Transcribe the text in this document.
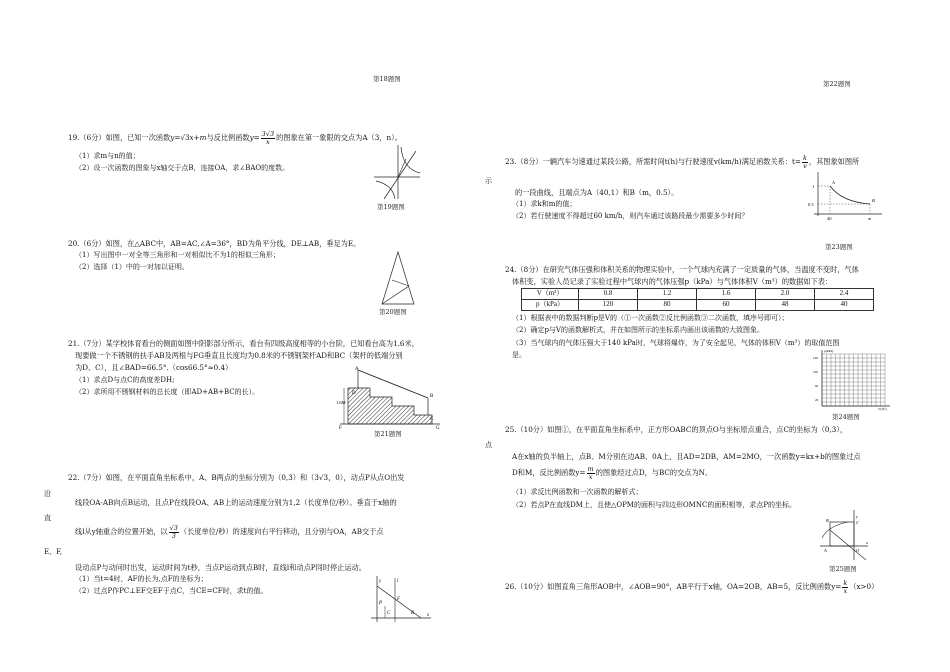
第18题图
19.（6分）如图，已知一次函数y=√3x+m与反比例函数$y= \frac{3√3}{x}$ 的图象在第一象限的交点为A（3，n）。
（1）求m与n的值；
（2）设一次函数的图象与x轴交于点B，连接OA，求∠BAO的度数。
第19题图
20.（6分）如图，在△ABC中，AB=AC,∠A=36°，BD为角平分线，DE⊥AB，垂足为E。
（1）写出图中一对全等三角形和一对相似比不为1的相似三角形；
（2）选择（1）中的一对加以证明。
第20题图
21.（7分）某学校体育看台的侧面如图中阴影部分所示，看台有四级高度相等的小台阶，已知看台高为1.6米，
现要做一个不锈钢的扶手AB及两根与FG垂直且长度均为0.8米的不锈钢架杆AD和BC（架杆的低端分别
为D、C），且∠BAD=66.5°.（cos66.5°≈0.4）
（1）求点D与点C的高度差DH;
（2）求所用不锈钢材料的总长度（即AD+AB+BC的长）。
1.6M
A
B
C
D
F	G
第21题图
22.（7分）如图，在平面直角坐标系中，A、B两点的坐标分别为（0,3）和（3√3，0），动点P从点O出发
沿
线段OA-AB向点B运动，且点P在线段OA、AB上的运动速度分别为1,2（长度单位/秒）。垂直于x轴的
直
线l从y轴重合的位置开始，以 $\frac{√3}{3}$ （长度单位/秒）的速度向右平行移动，且分别与OA，AB交于点
E、F,
设动点P与动问时出发，运动时间为t秒，当点P运动到点B时，直线l和动点P同时停止运动。
（1）当t=4时，AF的长为,点F的坐标为；
（2）过点P作PC⊥EF交EF于点C，当CE=CF时，求t的值。
y	l
P
F
C	B	x
第22题图
23.（8分）一辆汽车匀速通过某段公路，所需时间t(h)与行驶速度v(km/h)满足函数关系：$t= \frac{k}{v}$ ，其图象如图所
示
的一段曲线，且端点为A（40,1）和B（m，0.5）。
（1）求k和m的值；
（2）若行驶速度不得超过60 km/h，则汽车通过该路段最少需要多少时间？
1
0.5
40	m
A
B
第23题图
24.（8分）在研究气体压强和体积关系的物理实验中，一个气球内充满了一定质量的气体，当温度不变时，气体
体积变，实验人员记录了实验过程中气球内的气体压强p（kPa）与气体体积V（m³）的数据如下表：
V（m³）	0.8	1.2	1.6	2.0	2.4
p（kPa）	120	80	60	48	40
（1）根据表中的数据判断p是V的（①一次函数②反比例函数③二次函数，填序号即可）；
（2）确定p与V的函数解析式，并在如图所示的坐标系内画出该函数的大致图象。
（3）当气球内的气体压强大于140 kPa时，气球将爆炸，为了安全起见，气体的体积V（m³）的取值范围
是。	p(kPa)
V(m³)
140
100
60
20
第24题图
25.（10分）如图①，在平面直角坐标系中，正方形OABC的顶点O与坐标原点重合，点C的坐标为（0,3），
点
A在x轴的负半轴上，点B、M分别在边AB、0A上，且AD=2DB，AM=2MO，一次函数y=kx+b的图象过点
D和M，反比例函数$y= \frac{m}{x}$ 的图象经过点D，与BC的交点为N。
（1）求反比例函数和一次函数的解析式；
（2）若点P在直线DM上，且使△OPM的面积与四边形OMNC的面积相等，求点P的坐标。
y
C
B
A	O
x
第25题图
26.（10分）如图直角三角形AOB中，∠AOB=90°，AB平行于x轴，OA=2OB，AB=5，反比例函数$y= \frac{k}{x} (x>0)$
